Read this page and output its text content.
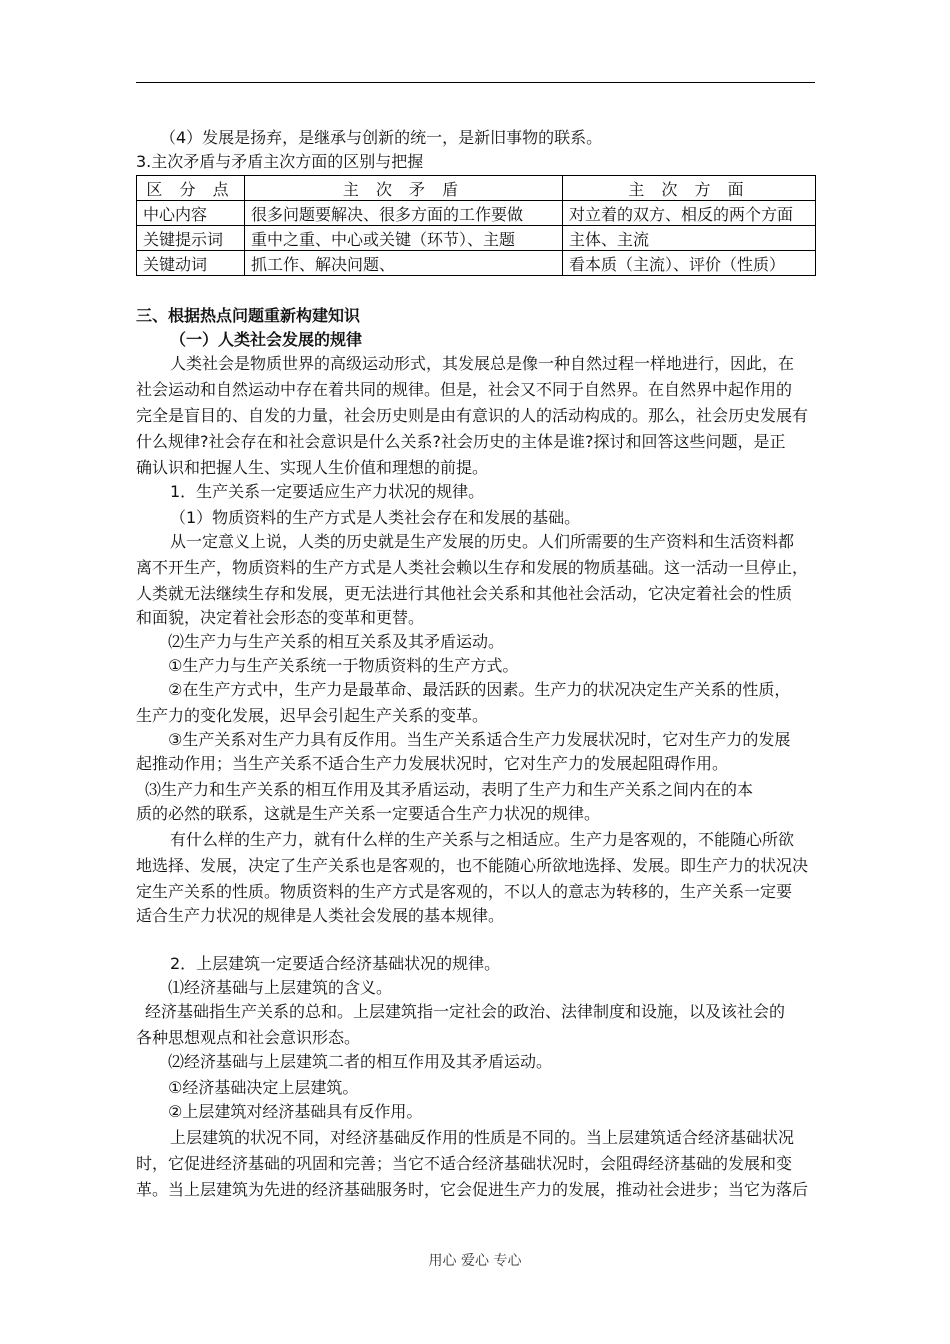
（4）发展是扬弃，是继承与创新的统一，是新旧事物的联系。
3.主次矛盾与矛盾主次方面的区别与把握
区 分 点	主 次 矛 盾	主 次 方 面
中心内容	很多问题要解决、很多方面的工作要做	对立着的双方、相反的两个方面
关键提示词	重中之重、中心或关键（环节）、主题	主体、主流
关键动词	抓工作、解决问题、	看本质（主流）、评价（性质）
三、根据热点问题重新构建知识
（一）人类社会发展的规律
人类社会是物质世界的高级运动形式，其发展总是像一种自然过程一样地进行，因此，在
社会运动和自然运动中存在着共同的规律。但是，社会又不同于自然界。在自然界中起作用的
完全是盲目的、自发的力量，社会历史则是由有意识的人的活动构成的。那么，社会历史发展有
什么规律?社会存在和社会意识是什么关系?社会历史的主体是谁?探讨和回答这些问题，是正
确认识和把握人生、实现人生价值和理想的前提。
1．生产关系一定要适应生产力状况的规律。
（1）物质资料的生产方式是人类社会存在和发展的基础。
从一定意义上说，人类的历史就是生产发展的历史。人们所需要的生产资料和生活资料都
离不开生产，物质资料的生产方式是人类社会赖以生存和发展的物质基础。这一活动一旦停止，
人类就无法继续生存和发展，更无法进行其他社会关系和其他社会活动，它决定着社会的性质
和面貌，决定着社会形态的变革和更替。
⑵生产力与生产关系的相互关系及其矛盾运动。
①生产力与生产关系统一于物质资料的生产方式。
②在生产方式中，生产力是最革命、最活跃的因素。生产力的状况决定生产关系的性质，
生产力的变化发展，迟早会引起生产关系的变革。
③生产关系对生产力具有反作用。当生产关系适合生产力发展状况时，它对生产力的发展
起推动作用；当生产关系不适合生产力发展状况时，它对生产力的发展起阻碍作用。
⑶生产力和生产关系的相互作用及其矛盾运动，表明了生产力和生产关系之间内在的本
质的必然的联系，这就是生产关系一定要适合生产力状况的规律。
有什么样的生产力，就有什么样的生产关系与之相适应。生产力是客观的，不能随心所欲
地选择、发展，决定了生产关系也是客观的，也不能随心所欲地选择、发展。即生产力的状况决
定生产关系的性质。物质资料的生产方式是客观的，不以人的意志为转移的，生产关系一定要
适合生产力状况的规律是人类社会发展的基本规律。
2．上层建筑一定要适合经济基础状况的规律。
⑴经济基础与上层建筑的含义。
经济基础指生产关系的总和。上层建筑指一定社会的政治、法律制度和设施，以及该社会的
各种思想观点和社会意识形态。
⑵经济基础与上层建筑二者的相互作用及其矛盾运动。
①经济基础决定上层建筑。
②上层建筑对经济基础具有反作用。
上层建筑的状况不同，对经济基础反作用的性质是不同的。当上层建筑适合经济基础状况
时，它促进经济基础的巩固和完善；当它不适合经济基础状况时，会阻碍经济基础的发展和变
革。当上层建筑为先进的经济基础服务时，它会促进生产力的发展，推动社会进步；当它为落后
用心 爱心 专心
